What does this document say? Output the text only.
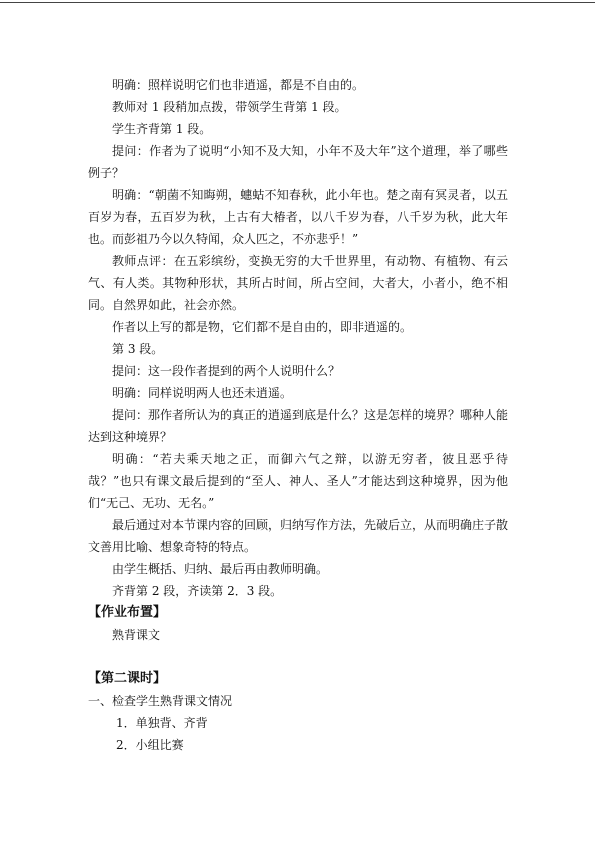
明确：照样说明它们也非逍遥，都是不自由的。

教师对 1 段稍加点拨，带领学生背第 1 段。

学生齐背第 1 段。

提问：作者为了说明“小知不及大知，小年不及大年”这个道理，举了哪些例子？

明确：“朝菌不知晦朔，蟪蛄不知春秋，此小年也。楚之南有冥灵者，以五百岁为春，五百岁为秋，上古有大椿者，以八千岁为春，八千岁为秋，此大年也。而彭祖乃今以久特闻，众人匹之，不亦悲乎！”

教师点评：在五彩缤纷，变换无穷的大千世界里，有动物、有植物、有云气、有人类。其物种形状，其所占时间，所占空间，大者大，小者小，绝不相同。自然界如此，社会亦然。

作者以上写的都是物，它们都不是自由的，即非逍遥的。

第 3 段。

提问：这一段作者提到的两个人说明什么？

明确：同样说明两人也还未逍遥。

提问：那作者所认为的真正的逍遥到底是什么？这是怎样的境界？哪种人能达到这种境界？

明确：“若夫乘天地之正，而御六气之辩，以游无穷者，彼且恶乎待哉？”也只有课文最后提到的“至人、神人、圣人”才能达到这种境界，因为他们“无己、无功、无名。”

最后通过对本节课内容的回顾，归纳写作方法，先破后立，从而明确庄子散文善用比喻、想象奇特的特点。

由学生概括、归纳、最后再由教师明确。

齐背第 2 段，齐读第 2．3 段。

【作业布置】

熟背课文

【第二课时】

一、检查学生熟背课文情况

1．单独背、齐背

2．小组比赛
